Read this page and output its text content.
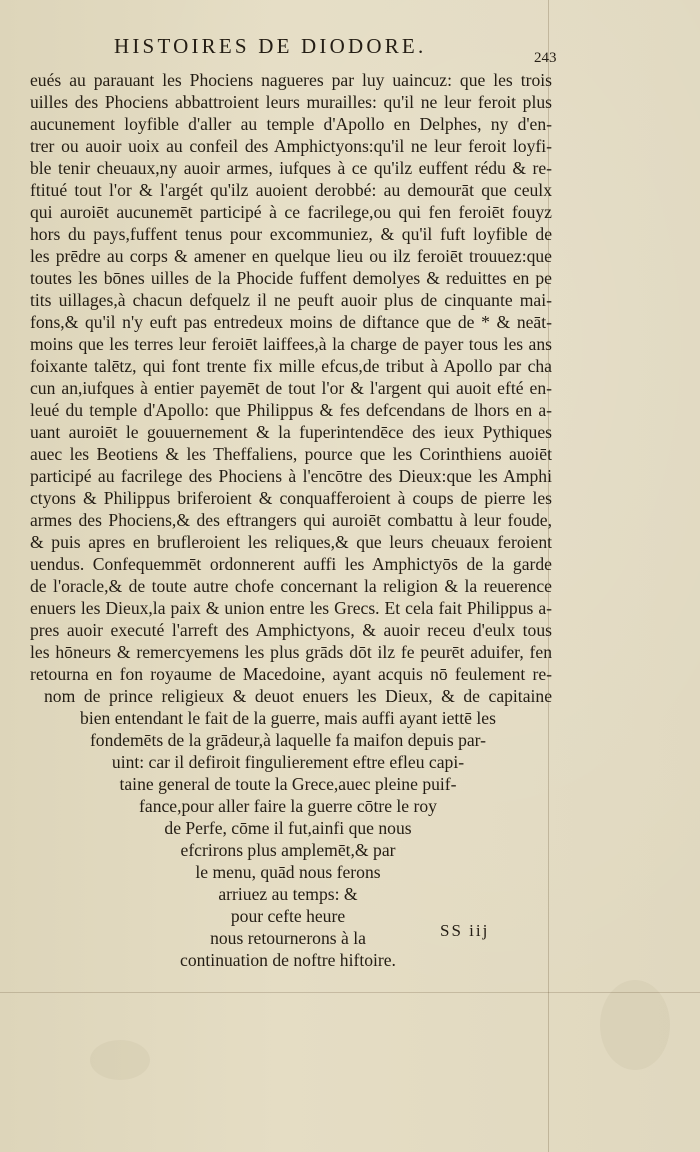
HISTOIRES DE DIODORE.	243
eués au parauant les Phociens nagueres par luy uaincuz: que les trois
uilles des Phociens abbattroient leurs murailles: qu'il ne leur feroit plus
aucunement loyfible d'aller au temple d'Apollo en Delphes, ny d'en-
trer ou auoir uoix au confeil des Amphictyons:qu'il ne leur feroit loyfi-
ble tenir cheuaux,ny auoir armes, iufques à ce qu'ilz euffent rédu & re-
ftitué tout l'or & l'argét qu'ilz auoient derobbé: au demourāt que ceulx
qui auroiēt aucunemēt participé à ce facrilege,ou qui fen feroiēt fouyz
hors du pays,fuffent tenus pour excommuniez, & qu'il fuft loyfible de
les prēdre au corps & amener en quelque lieu ou ilz feroiēt trouuez:que
toutes les bōnes uilles de la Phocide fuffent demolyes & reduittes en pe
tits uillages,à chacun defquelz il ne peuft auoir plus de cinquante mai-
fons,& qu'il n'y euft pas entredeux moins de diftance que de * & neāt-
moins que les terres leur feroiēt laiffees,à la charge de payer tous les ans
foixante talētz, qui font trente fix mille efcus,de tribut à Apollo par cha
cun an,iufques à entier payemēt de tout l'or & l'argent qui auoit efté en-
leué du temple d'Apollo: que Philippus & fes defcendans de lhors en a-
uant auroiēt le gouuernement & la fuperintendēce des ieux Pythiques
auec les Beotiens & les Theffaliens, pource que les Corinthiens auoiēt
participé au facrilege des Phociens à l'encōtre des Dieux:que les Amphi
ctyons & Philippus briferoient & conquafferoient à coups de pierre les
armes des Phociens,& des eftrangers qui auroiēt combattu à leur foude,
& puis apres en brufleroient les reliques,& que leurs cheuaux feroient
uendus. Confequemmēt ordonnerent auffi les Amphictyōs de la garde
de l'oracle,& de toute autre chofe concernant la religion & la reuerence
enuers les Dieux,la paix & union entre les Grecs. Et cela fait Philippus a-
pres auoir executé l'arreft des Amphictyons, & auoir receu d'eulx tous
les hōneurs & remercyemens les plus grāds dōt ilz fe peurēt aduifer, fen
retourna en fon royaume de Macedoine, ayant acquis nō feulement re-
nom de prince religieux & deuot enuers les Dieux, & de capitaine
bien entendant le fait de la guerre, mais auffi ayant iettē les
fondemēts de la grādeur,à laquelle fa maifon depuis par-
uint: car il defiroit fingulierement eftre efleu capi-
taine general de toute la Grece,auec pleine puif-
fance,pour aller faire la guerre cōtre le roy
de Perfe, cōme il fut,ainfi que nous
efcrirons plus amplemēt,& par
le menu, quād nous ferons
arriuez au temps: &
pour cefte heure
nous retournerons à la
continuation de noftre hiftoire.
SS iij
